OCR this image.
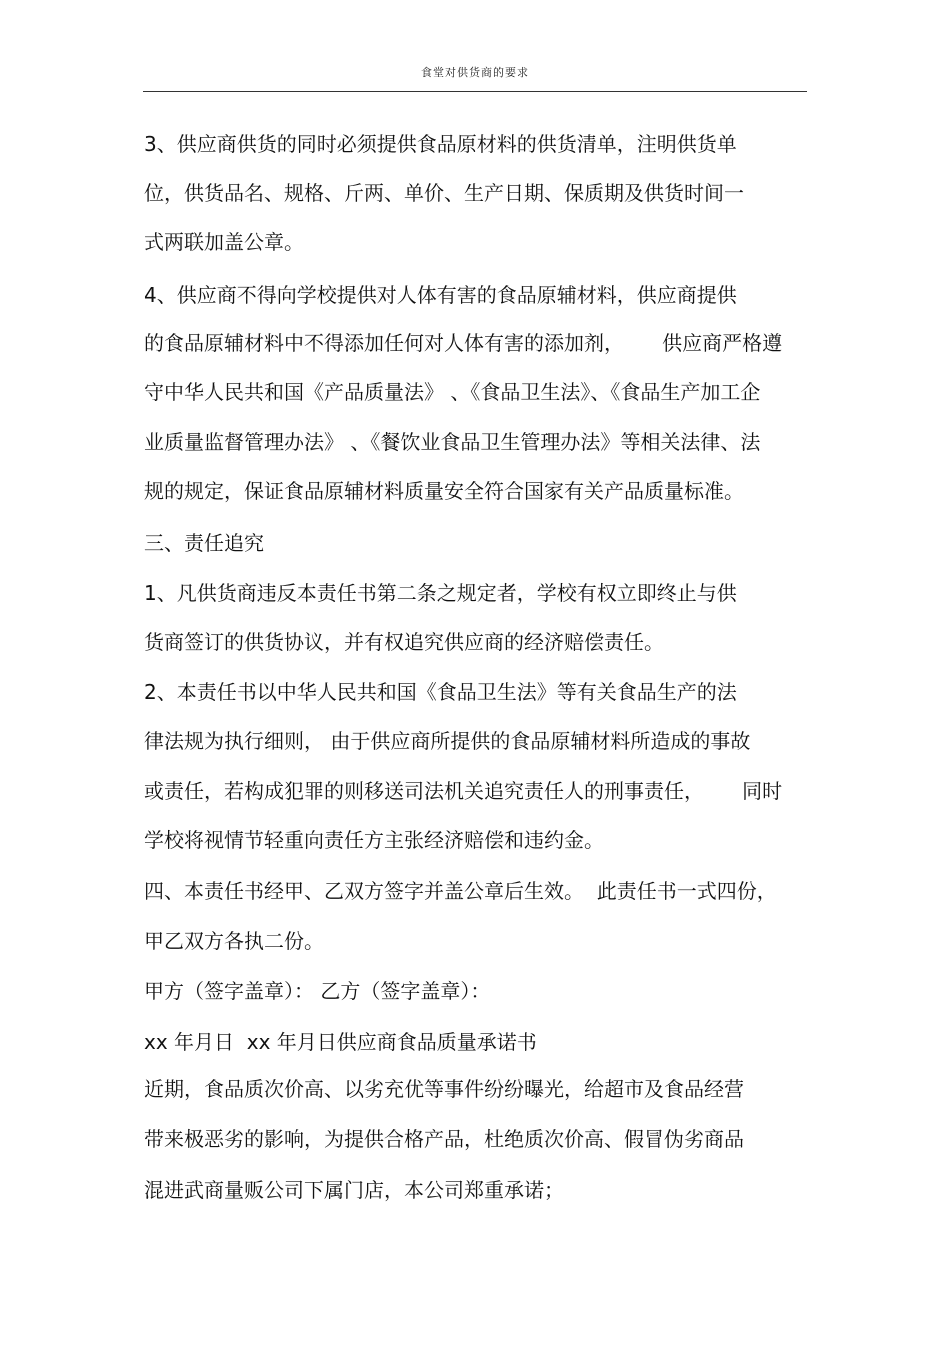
食堂对供货商的要求
3、供应商供货的同时必须提供食品原材料的供货清单，注明供货单
位，供货品名、规格、斤两、单价、生产日期、保质期及供货时间一
式两联加盖公章。
4、供应商不得向学校提供对人体有害的食品原辅材料，供应商提供
的食品原辅材料中不得添加任何对人体有害的添加剂，      供应商严格遵
守中华人民共和国《产品质量法》 、《食品卫生法》、《食品生产加工企
业质量监督管理办法》 、《餐饮业食品卫生管理办法》等相关法律、法
规的规定，保证食品原辅材料质量安全符合国家有关产品质量标准。
三、责任追究
1、凡供货商违反本责任书第二条之规定者，学校有权立即终止与供
货商签订的供货协议，并有权追究供应商的经济赔偿责任。
2、本责任书以中华人民共和国《食品卫生法》等有关食品生产的法
律法规为执行细则， 由于供应商所提供的食品原辅材料所造成的事故
或责任，若构成犯罪的则移送司法机关追究责任人的刑事责任，      同时
学校将视情节轻重向责任方主张经济赔偿和违约金。
四、本责任书经甲、乙双方签字并盖公章后生效。  此责任书一式四份，
甲乙双方各执二份。
甲方（签字盖章）： 乙方（签字盖章）：
xx 年月日  xx 年月日供应商食品质量承诺书
近期，食品质次价高、以劣充优等事件纷纷曝光，给超市及食品经营
带来极恶劣的影响，为提供合格产品，杜绝质次价高、假冒伪劣商品
混进武商量贩公司下属门店，本公司郑重承诺；
